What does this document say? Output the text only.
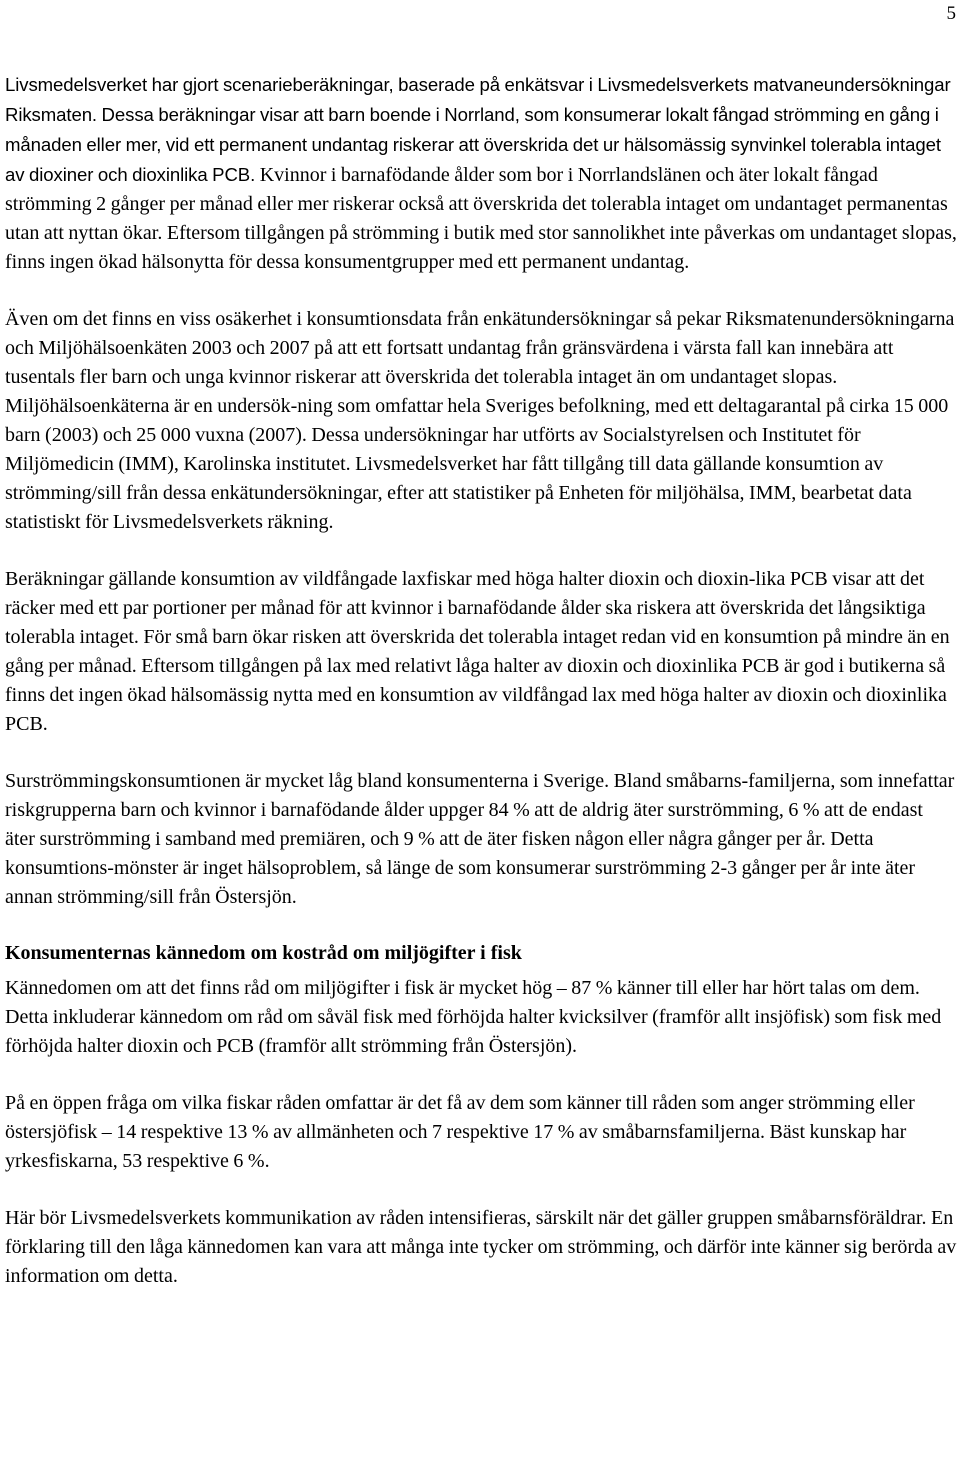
5

Livsmedelsverket har gjort scenarieberäkningar, baserade på enkätsvar i Livsmedelsverkets matvaneundersökningar Riksmaten. Dessa beräkningar visar att barn boende i Norrland, som konsumerar lokalt fångad strömming en gång i månaden eller mer, vid ett permanent undantag riskerar att överskrida det ur hälsomässig synvinkel tolerabla intaget av dioxiner och dioxinlika PCB. Kvinnor i barnafödande ålder som bor i Norrlandslänen och äter lokalt fångad strömming 2 gånger per månad eller mer riskerar också att överskrida det tolerabla intaget om undantaget permanentas utan att nyttan ökar. Eftersom tillgången på strömming i butik med stor sannolikhet inte påverkas om undantaget slopas, finns ingen ökad hälsonytta för dessa konsumentgrupper med ett permanent undantag.

Även om det finns en viss osäkerhet i konsumtionsdata från enkätundersökningar så pekar Riksmatenundersökningarna och Miljöhälsoenkäten 2003 och 2007 på att ett fortsatt undantag från gränsvärdena i värsta fall kan innebära att tusentals fler barn och unga kvinnor riskerar att överskrida det tolerabla intaget än om undantaget slopas. Miljöhälsoenkäterna är en undersök-ning som omfattar hela Sveriges befolkning, med ett deltagarantal på cirka 15 000 barn (2003) och 25 000 vuxna (2007). Dessa undersökningar har utförts av Socialstyrelsen och Institutet för Miljömedicin (IMM), Karolinska institutet. Livsmedelsverket har fått tillgång till data gällande konsumtion av strömming/sill från dessa enkätundersökningar, efter att statistiker på Enheten för miljöhälsa, IMM, bearbetat data statistiskt för Livsmedelsverkets räkning.

Beräkningar gällande konsumtion av vildfångade laxfiskar med höga halter dioxin och dioxin-lika PCB visar att det räcker med ett par portioner per månad för att kvinnor i barnafödande ålder ska riskera att överskrida det långsiktiga tolerabla intaget. För små barn ökar risken att överskrida det tolerabla intaget redan vid en konsumtion på mindre än en gång per månad. Eftersom tillgången på lax med relativt låga halter av dioxin och dioxinlika PCB är god i butikerna så finns det ingen ökad hälsomässig nytta med en konsumtion av vildfångad lax med höga halter av dioxin och dioxinlika PCB.

Surströmmingskonsumtionen är mycket låg bland konsumenterna i Sverige. Bland småbarns-familjerna, som innefattar riskgrupperna barn och kvinnor i barnafödande ålder uppger 84 % att de aldrig äter surströmming, 6 % att de endast äter surströmming i samband med premiären, och 9 % att de äter fisken någon eller några gånger per år. Detta konsumtions-mönster är inget hälsoproblem, så länge de som konsumerar surströmming 2-3 gånger per år inte äter annan strömming/sill från Östersjön.

Konsumenternas kännedom om kostråd om miljögifter i fisk

Kännedomen om att det finns råd om miljögifter i fisk är mycket hög – 87 % känner till eller har hört talas om dem. Detta inkluderar kännedom om råd om såväl fisk med förhöjda halter kvicksilver (framför allt insjöfisk) som fisk med förhöjda halter dioxin och PCB (framför allt strömming från Östersjön).

På en öppen fråga om vilka fiskar råden omfattar är det få av dem som känner till råden som anger strömming eller östersjöfisk – 14 respektive 13 % av allmänheten och 7 respektive 17 % av småbarnsfamiljerna. Bäst kunskap har yrkesfiskarna, 53 respektive 6 %.

Här bör Livsmedelsverkets kommunikation av råden intensifieras, särskilt när det gäller gruppen småbarnsföräldrar. En förklaring till den låga kännedomen kan vara att många inte tycker om strömming, och därför inte känner sig berörda av information om detta.
